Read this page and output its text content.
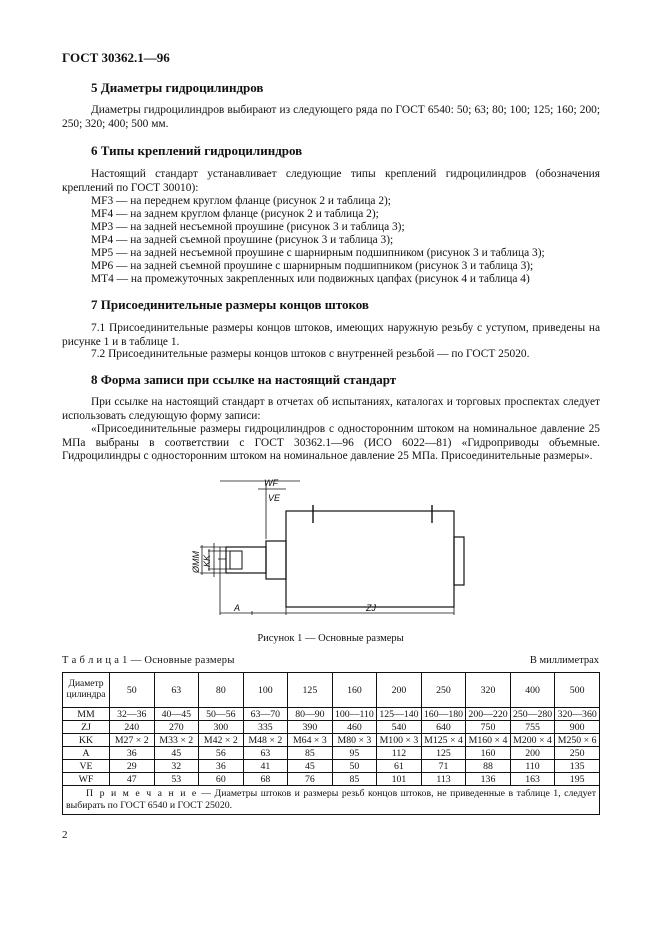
ГОСТ 30362.1—96
5 Диаметры гидроцилиндров
Диаметры гидроцилиндров выбирают из следующего ряда по ГОСТ 6540: 50; 63; 80; 100; 125; 160; 200; 250; 320; 400; 500 мм.
6 Типы креплений гидроцилиндров
Настоящий стандарт устанавливает следующие типы креплений гидроцилиндров (обозначения креплений по ГОСТ 30010):
MF3 — на переднем круглом фланце (рисунок 2 и таблица 2);
MF4 — на заднем круглом фланце (рисунок 2 и таблица 2);
MP3 — на задней несъемной проушине (рисунок 3 и таблица 3);
MP4 — на задней съемной проушине (рисунок 3 и таблица 3);
MP5 — на задней несъемной проушине с шарнирным подшипником (рисунок 3 и таблица 3);
MP6 — на задней съемной проушине с шарнирным подшипником (рисунок 3 и таблица 3);
MT4 — на промежуточных закрепленных или подвижных цапфах (рисунок 4 и таблица 4)
7 Присоединительные размеры концов штоков
7.1 Присоединительные размеры концов штоков, имеющих наружную резьбу с уступом, приведены на рисунке 1 и в таблице 1.
7.2 Присоединительные размеры концов штоков с внутренней резьбой — по ГОСТ 25020.
8 Форма записи при ссылке на настоящий стандарт
При ссылке на настоящий стандарт в отчетах об испытаниях, каталогах и торговых проспектах следует использовать следующую форму записи:
«Присоединительные размеры гидроцилиндров с односторонним штоком на номинальное давление 25 МПа выбраны в соответствии с ГОСТ 30362.1—96 (ИСО 6022—81) «Гидроприводы объемные. Гидроцилиндры с односторонним штоком на номинальное давление 25 МПа. Присоединительные размеры».
WF
VE
A	ZJ
ØMM KK
Рисунок 1 — Основные размеры
Т а б л и ц а 1 — Основные размеры	В миллиметрах
Диаметр цилиндра	50	63	80	100	125	160	200	250	320	400	500
MM	32—36	40—45	50—56	63—70	80—90	100—110	125—140	160—180	200—220	250—280	320—360
ZJ	240	270	300	335	390	460	540	640	750	755	900
KK	M27 × 2	M33 × 2	M42 × 2	M48 × 2	M64 × 3	M80 × 3	M100 × 3	M125 × 4	M160 × 4	M200 × 4	M250 × 6
A	36	45	56	63	85	95	112	125	160	200	250
VE	29	32	36	41	45	50	61	71	88	110	135
WF	47	53	60	68	76	85	101	113	136	163	195
П р и м е ч а н и е — Диаметры штоков и размеры резьб концов штоков, не приведенные в таблице 1, следует выбирать по ГОСТ 6540 и ГОСТ 25020.											
2
